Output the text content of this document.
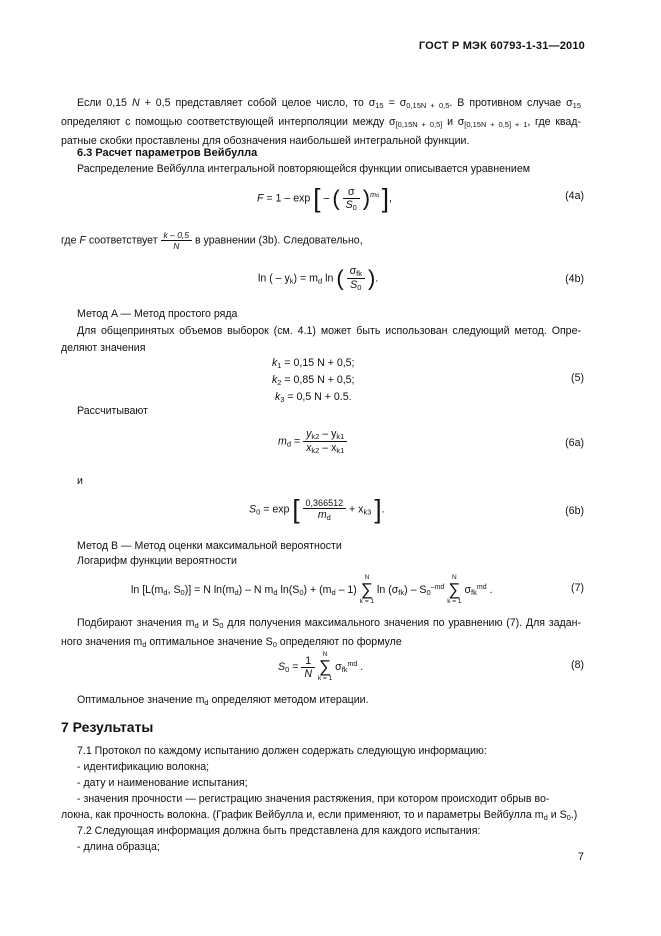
ГОСТ Р МЭК 60793-1-31—2010
Если 0,15 N + 0,5 представляет собой целое число, то $\sigma_{15} = \sigma_{0,15N + 0,5}$. В противном случае $\sigma_{15}$ определяют с помощью соответствующей интерполяции между $\sigma_{[0,15N + 0,5]}$ и $\sigma_{[0,15N + 0,5] + 1}$, где квад- ратные скобки проставлены для обозначения наибольшей интегральной функции.
6.3 Расчет параметров Вейбулла
Распределение Вейбулла интегральной повторяющейся функции описывается уравнением
F = 1 – exp [ – ( $\frac{\sigma}{S_0} )^{md}$ ],	(4a)
где F соответствует $\frac{k - 0,5}{N}$ в уравнении (3b). Следовательно,
ln ( – $y_k) = m_d$ ln ( $\frac{\sigma_{fk}}{S_0}$ ).	(4b)
Метод A — Метод простого ряда
Для общепринятых объемов выборок (см. 4.1) может быть использован следующий метод. Опре- деляют значения
$k_1 = 0,15$ N + 0,5;
$k_2 = 0,85$ N + 0,5;
$k_3 = 0,5$ N + 0.5.
(5)
Рассчитывают
$m_d = \frac{y_{k2} - y_{k1}}{x_{k2} - x_{k1}}$	(6a)
и
$S_0 = \exp$ [ $\frac{0,366512}{m_d} + x_{k3}$ ].	(6b)
Метод B — Метод оценки максимальной вероятности
Логарифм функции вероятности
$\ln [L(m_d$, $S_0)] = N$ $\ln(m_d)$ – N $m_d$ $\ln(S_0) + (m_d - 1)$
N
∑
k = 1
$\ln (\sigma_{fk}) - S_0^{-md}$
N
∑
k = 1
$\sigma_{fk}^{md}$ .	(7)
Подбирают значения $m_d$ и $S_0$ для получения максимального значения по уравнению (7). Для задан- ного значения $m_d$ оптимальное значение $S_0$ определяют по формуле
$S_0 = \frac{1}{N}$
	N
∑
k = 1
$\sigma_{fk}^{md}$ .	(8)
Оптимальное значение $m_d$ определяют методом итерации.
7 Результаты
7.1 Протокол по каждому испытанию должен содержать следующую информацию:
- идентификацию волокна;
- дату и наименование испытания;
- значения прочности — регистрацию значения растяжения, при котором происходит обрыв во-
локна, как прочность волокна. (График Вейбулла и, если применяют, то и параметры Вейбулла $m_d$ и $S_0$.)
7.2 Следующая информация должна быть представлена для каждого испытания:
- длина образца;
7
